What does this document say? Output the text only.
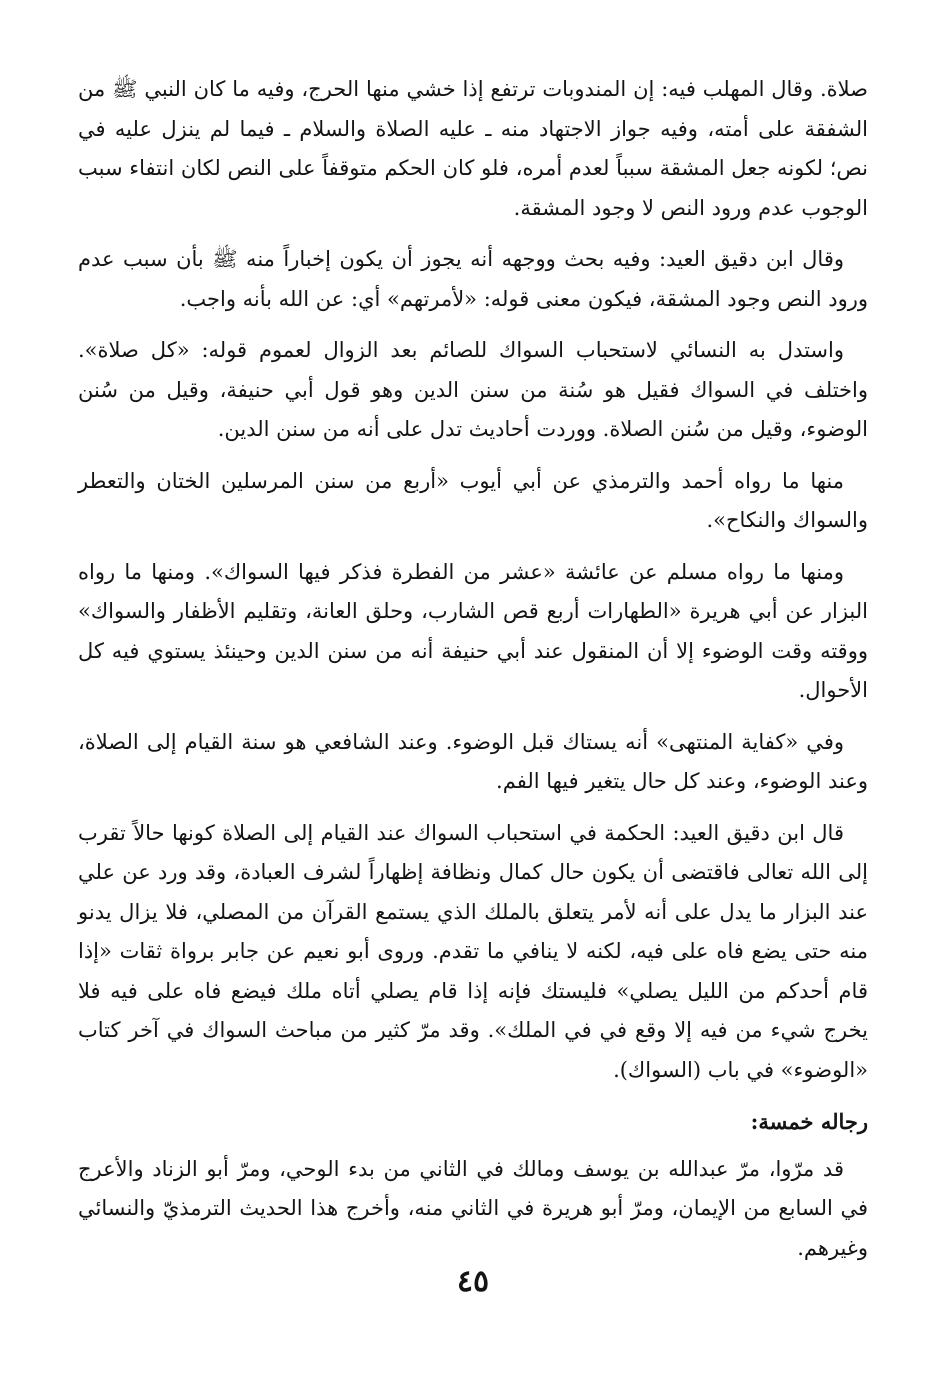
صلاة. وقال المهلب فيه: إن المندوبات ترتفع إذا خشي منها الحرج، وفيه ما كان النبي ﷺ من الشفقة على أمته، وفيه جواز الاجتهاد منه ـ عليه الصلاة والسلام ـ فيما لم ينزل عليه في نص؛ لكونه جعل المشقة سبباً لعدم أمره، فلو كان الحكم متوقفاً على النص لكان انتفاء سبب الوجوب عدم ورود النص لا وجود المشقة.

وقال ابن دقيق العيد: وفيه بحث ووجهه أنه يجوز أن يكون إخباراً منه ﷺ بأن سبب عدم ورود النص وجود المشقة، فيكون معنى قوله: «لأمرتهم» أي: عن الله بأنه واجب.

واستدل به النسائي لاستحباب السواك للصائم بعد الزوال لعموم قوله: «كل صلاة». واختلف في السواك فقيل هو سُنة من سنن الدين وهو قول أبي حنيفة، وقيل من سُنن الوضوء، وقيل من سُنن الصلاة. ووردت أحاديث تدل على أنه من سنن الدين.

منها ما رواه أحمد والترمذي عن أبي أيوب «أربع من سنن المرسلين الختان والتعطر والسواك والنكاح».

ومنها ما رواه مسلم عن عائشة «عشر من الفطرة فذكر فيها السواك». ومنها ما رواه البزار عن أبي هريرة «الطهارات أربع قص الشارب، وحلق العانة، وتقليم الأظفار والسواك» ووقته وقت الوضوء إلا أن المنقول عند أبي حنيفة أنه من سنن الدين وحينئذ يستوي فيه كل الأحوال.

وفي «كفاية المنتهى» أنه يستاك قبل الوضوء. وعند الشافعي هو سنة القيام إلى الصلاة، وعند الوضوء، وعند كل حال يتغير فيها الفم.

قال ابن دقيق العيد: الحكمة في استحباب السواك عند القيام إلى الصلاة كونها حالاً تقرب إلى الله تعالى فاقتضى أن يكون حال كمال ونظافة إظهاراً لشرف العبادة، وقد ورد عن علي عند البزار ما يدل على أنه لأمر يتعلق بالملك الذي يستمع القرآن من المصلي، فلا يزال يدنو منه حتى يضع فاه على فيه، لكنه لا ينافي ما تقدم. وروى أبو نعيم عن جابر برواة ثقات «إذا قام أحدكم من الليل يصلي» فليستك فإنه إذا قام يصلي أتاه ملك فيضع فاه على فيه فلا يخرج شيء من فيه إلا وقع في في الملك». وقد مرّ كثير من مباحث السواك في آخر كتاب «الوضوء» في باب (السواك).

رجاله خمسة:

قد مرّوا، مرّ عبدالله بن يوسف ومالك في الثاني من بدء الوحي، ومرّ أبو الزناد والأعرج في السابع من الإيمان، ومرّ أبو هريرة في الثاني منه، وأخرج هذا الحديث الترمذيّ والنسائي وغيرهم.

٤٥
